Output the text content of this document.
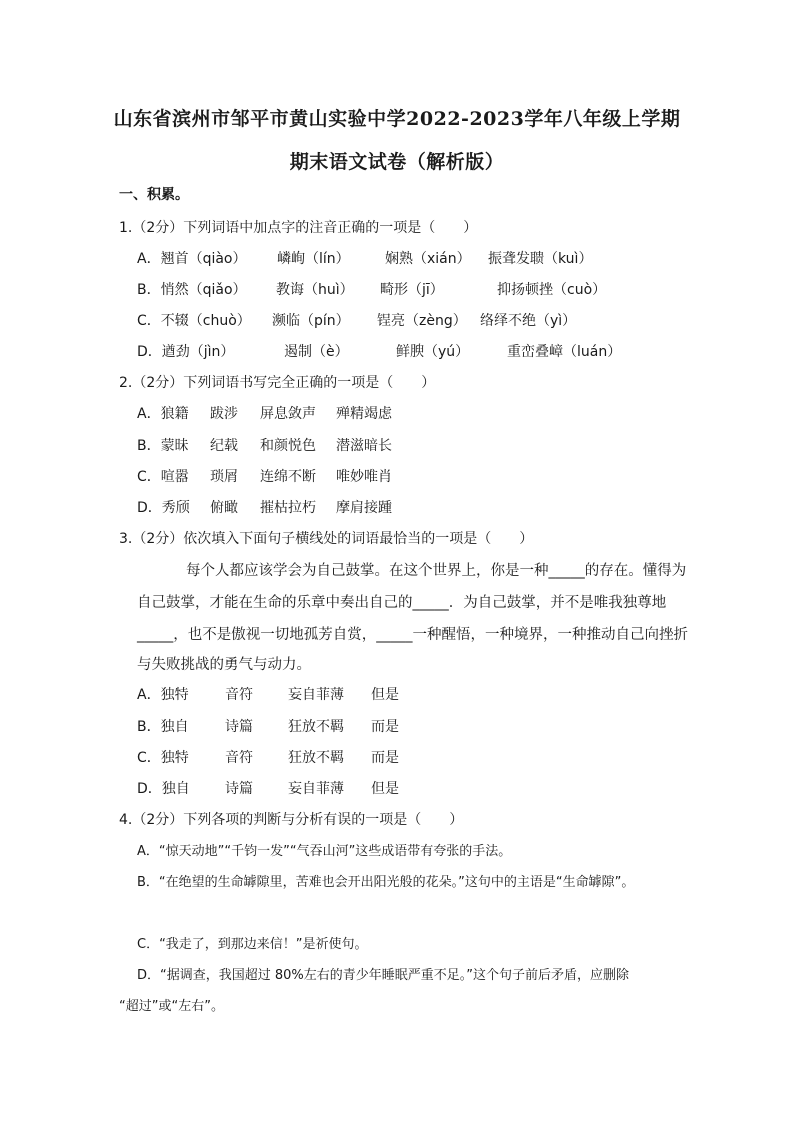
山东省滨州市邹平市黄山实验中学2022-2023学年八年级上学期
期末语文试卷（解析版）
一、积累。
1.（2分）下列词语中加点字的注音正确的一项是（　　）
A．翘首（qiào） 嶙峋（lín）	娴熟（xián） 振聋发聩（kuì）
B．悄然（qiǎo） 教诲（huì） 畸形（jī）	抑扬顿挫（cuò）
C．不辍（chuò） 濒临（pín） 锃亮（zèng） 络绎不绝（yì）
D．遒劲（jìn）	遏制（è）	鲜腴（yú）	重峦叠嶂（luán）
2.（2分）下列词语书写完全正确的一项是（　　）
A．狼籍 跋涉 屏息敛声 殚精竭虑
B．蒙昧 纪载 和颜悦色 潜滋暗长
C．喧嚣 琐屑 连绵不断 唯妙唯肖
D．秀颀 俯瞰 摧枯拉朽 摩肩接踵
3.（2分）依次填入下面句子横线处的词语最恰当的一项是（　　）
每个人都应该学会为自己鼓掌。在这个世界上，你是一种_____的存在。懂得为
自己鼓掌，才能在生命的乐章中奏出自己的_____．为自己鼓掌，并不是唯我独尊地
_____，也不是傲视一切地孤芳自赏，_____一种醒悟，一种境界，一种推动自己向挫折
与失败挑战的勇气与动力。
A．独特	音符	妄自菲薄 但是
B．独自	诗篇	狂放不羁 而是
C．独特	音符	狂放不羁 而是
D．独自	诗篇	妄自菲薄 但是
4.（2分）下列各项的判断与分析有误的一项是（　　）
A．“惊天动地”“千钧一发”“气吞山河”这些成语带有夸张的手法。
B．“在绝望的生命罅隙里，苦难也会开出阳光般的花朵。”这句中的主语是“生命罅隙”。
C．“我走了，到那边来信！”是祈使句。
D．“据调查，我国超过 80%左右的青少年睡眠严重不足。”这个句子前后矛盾，应删除
“超过”或“左右”。
